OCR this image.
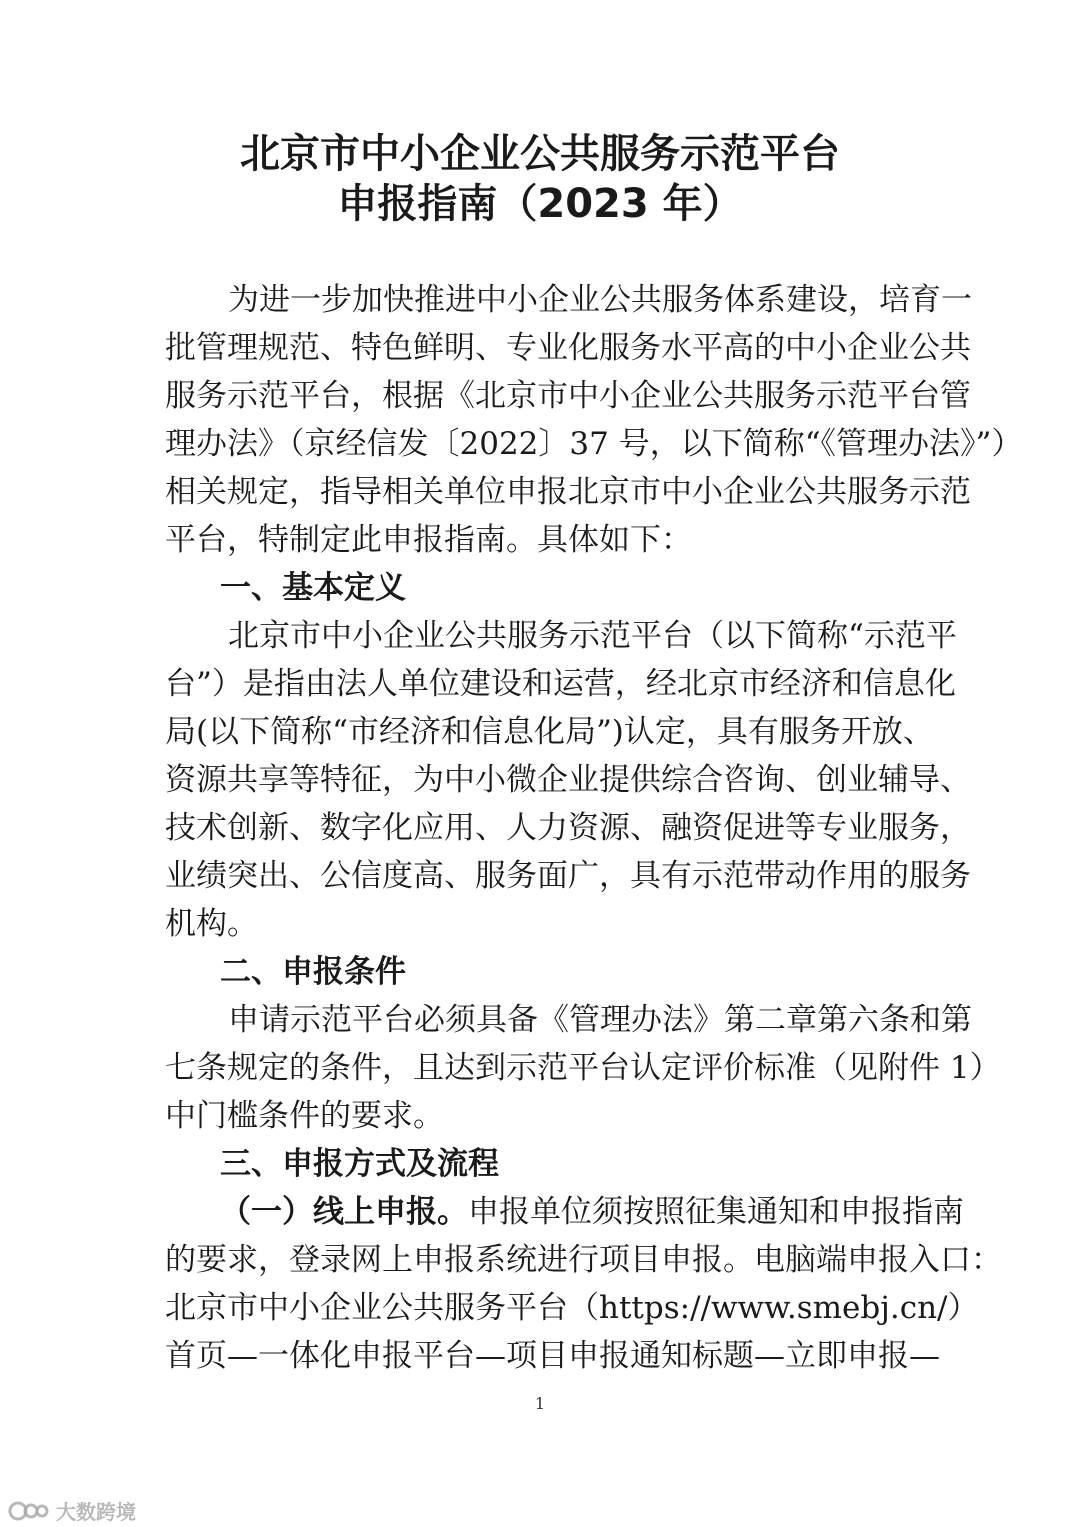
北京市中小企业公共服务示范平台
申报指南（2023 年）
为进一步加快推进中小企业公共服务体系建设，培育一
批管理规范、特色鲜明、专业化服务水平高的中小企业公共
服务示范平台，根据《北京市中小企业公共服务示范平台管
理办法》（京经信发〔2022〕37 号，以下简称“《管理办法》”）
相关规定，指导相关单位申报北京市中小企业公共服务示范
平台，特制定此申报指南。具体如下：
一、基本定义
北京市中小企业公共服务示范平台（以下简称“示范平
台”）是指由法人单位建设和运营，经北京市经济和信息化
局(以下简称“市经济和信息化局”)认定，具有服务开放、
资源共享等特征，为中小微企业提供综合咨询、创业辅导、
技术创新、数字化应用、人力资源、融资促进等专业服务，
业绩突出、公信度高、服务面广，具有示范带动作用的服务
机构。
二、申报条件
申请示范平台必须具备《管理办法》第二章第六条和第
七条规定的条件，且达到示范平台认定评价标准（见附件 1）
中门槛条件的要求。
三、申报方式及流程
（一）线上申报。申报单位须按照征集通知和申报指南
的要求，登录网上申报系统进行项目申报。电脑端申报入口：
北京市中小企业公共服务平台（https://www.smebj.cn/）
首页—一体化申报平台—项目申报通知标题—立即申报—
1
大数跨境
